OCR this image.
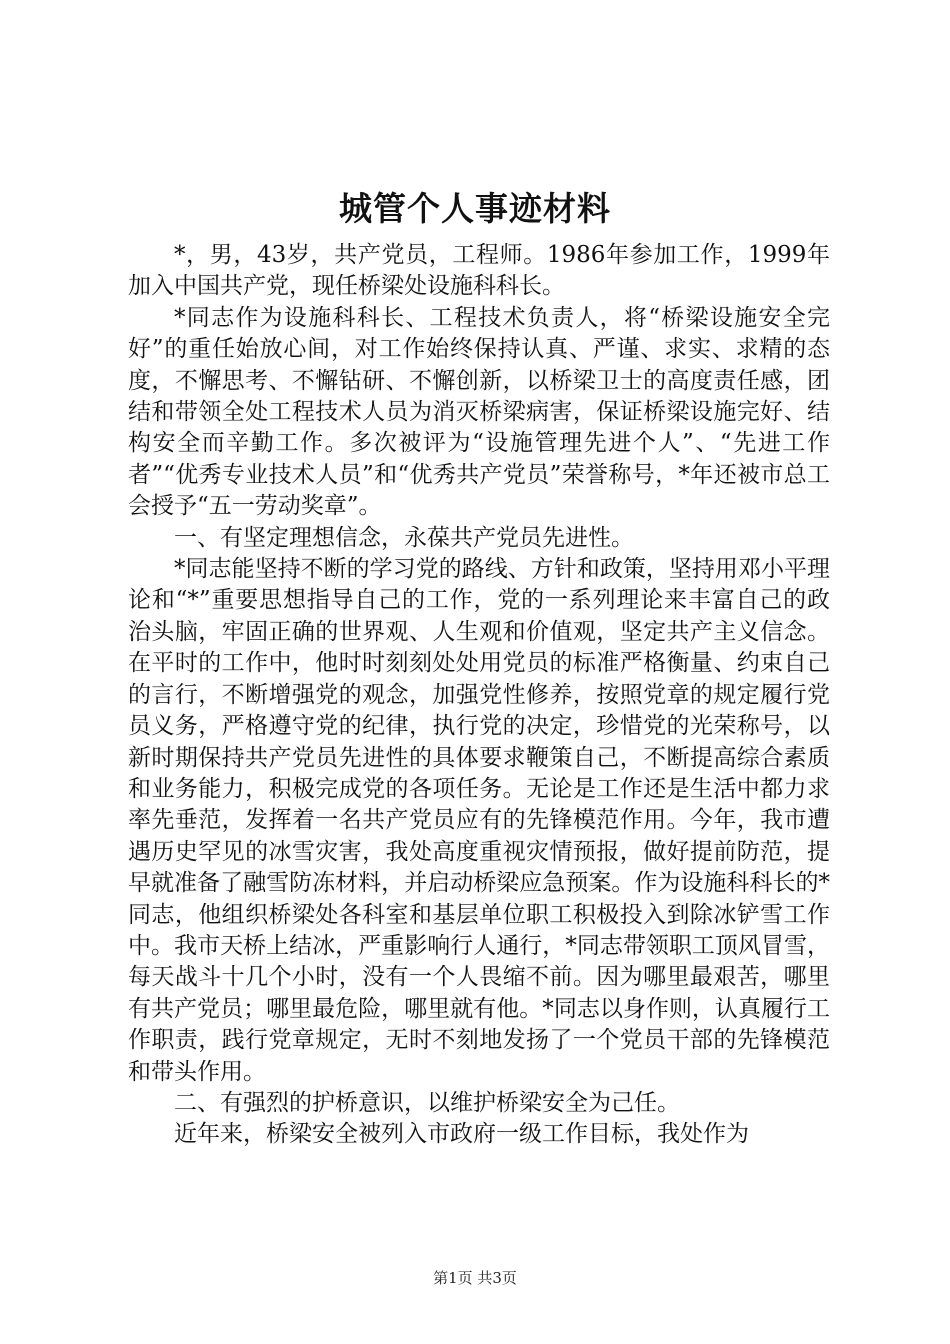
城管个人事迹材料

*，男，43岁，共产党员，工程师。1986年参加工作，1999年加入中国共产党，现任桥梁处设施科科长。

*同志作为设施科科长、工程技术负责人，将“桥梁设施安全完好”的重任始放心间，对工作始终保持认真、严谨、求实、求精的态度，不懈思考、不懈钻研、不懈创新，以桥梁卫士的高度责任感，团结和带领全处工程技术人员为消灭桥梁病害，保证桥梁设施完好、结构安全而辛勤工作。多次被评为“设施管理先进个人”、“先进工作者”“优秀专业技术人员”和“优秀共产党员”荣誉称号，*年还被市总工会授予“五一劳动奖章”。

一、有坚定理想信念，永葆共产党员先进性。

*同志能坚持不断的学习党的路线、方针和政策，坚持用邓小平理论和“*”重要思想指导自己的工作，党的一系列理论来丰富自己的政治头脑，牢固正确的世界观、人生观和价值观，坚定共产主义信念。在平时的工作中，他时时刻刻处处用党员的标准严格衡量、约束自己的言行，不断增强党的观念，加强党性修养，按照党章的规定履行党员义务，严格遵守党的纪律，执行党的决定，珍惜党的光荣称号，以新时期保持共产党员先进性的具体要求鞭策自己，不断提高综合素质和业务能力，积极完成党的各项任务。无论是工作还是生活中都力求率先垂范，发挥着一名共产党员应有的先锋模范作用。今年，我市遭遇历史罕见的冰雪灾害，我处高度重视灾情预报，做好提前防范，提早就准备了融雪防冻材料，并启动桥梁应急预案。作为设施科科长的*同志，他组织桥梁处各科室和基层单位职工积极投入到除冰铲雪工作中。我市天桥上结冰，严重影响行人通行，*同志带领职工顶风冒雪，每天战斗十几个小时，没有一个人畏缩不前。因为哪里最艰苦，哪里有共产党员；哪里最危险，哪里就有他。*同志以身作则，认真履行工作职责，践行党章规定，无时不刻地发扬了一个党员干部的先锋模范和带头作用。

二、有强烈的护桥意识，以维护桥梁安全为己任。

近年来，桥梁安全被列入市政府一级工作目标，我处作为

第1页 共3页
